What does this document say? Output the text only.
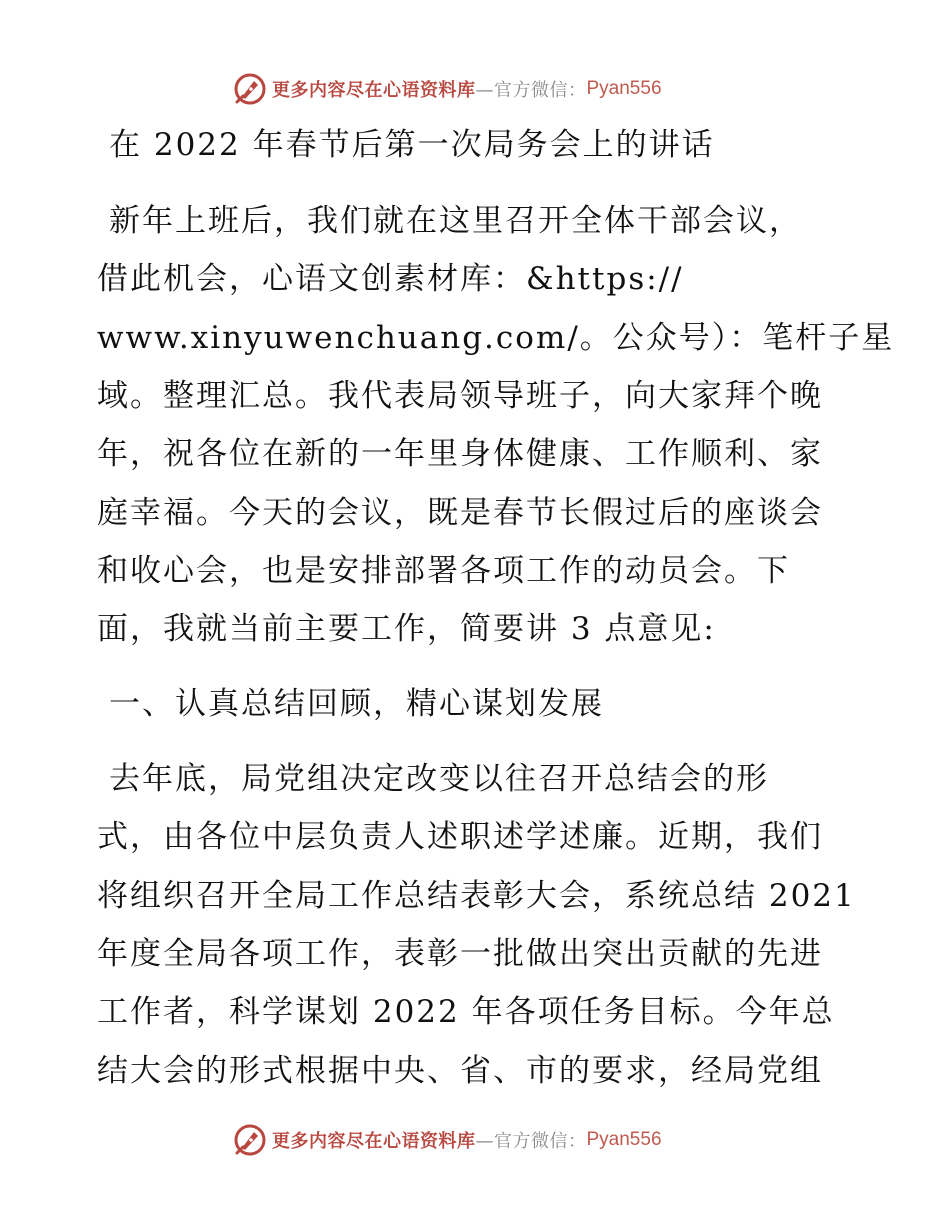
更多内容尽在心语资料库 —官方微信： Pyan556
在 2022 年春节后第一次局务会上的讲话
新年上班后，我们就在这里召开全体干部会议，
借此机会，心语文创素材库：&https://
www.xinyuwenchuang.com/。公众号）：笔杆子星
域。整理汇总。我代表局领导班子，向大家拜个晚
年，祝各位在新的一年里身体健康、工作顺利、家
庭幸福。今天的会议，既是春节长假过后的座谈会
和收心会，也是安排部署各项工作的动员会。下
面，我就当前主要工作，简要讲 3 点意见:
一、认真总结回顾，精心谋划发展
去年底，局党组决定改变以往召开总结会的形
式，由各位中层负责人述职述学述廉。近期，我们
将组织召开全局工作总结表彰大会，系统总结 2021
年度全局各项工作，表彰一批做出突出贡献的先进
工作者，科学谋划 2022 年各项任务目标。今年总
结大会的形式根据中央、省、市的要求，经局党组
更多内容尽在心语资料库 —官方微信： Pyan556
